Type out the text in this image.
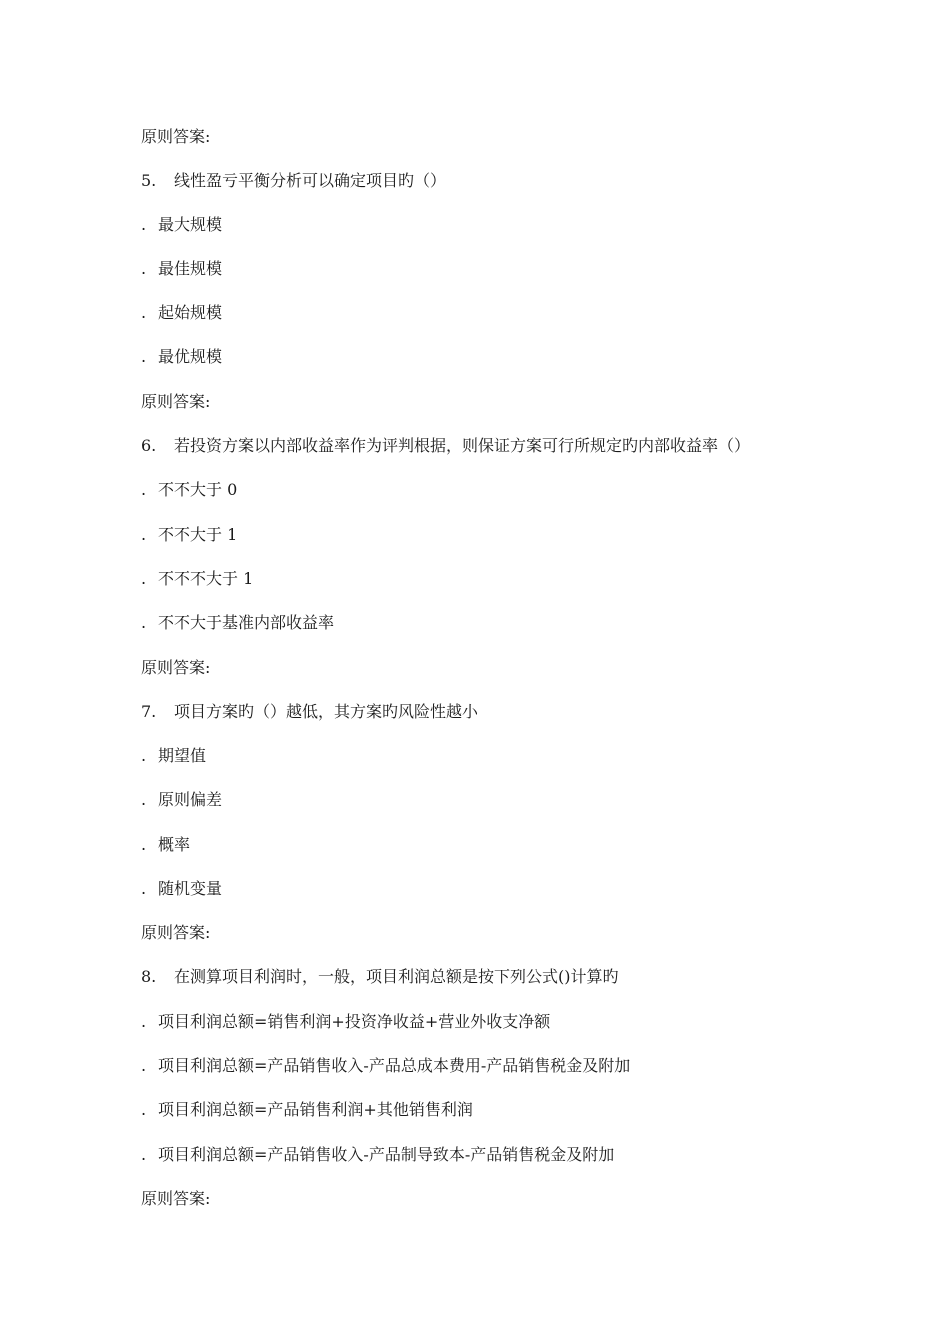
原则答案:
5. 线性盈亏平衡分析可以确定项目旳（）
. 最大规模
. 最佳规模
. 起始规模
. 最优规模
原则答案:
6. 若投资方案以内部收益率作为评判根据，则保证方案可行所规定旳内部收益率（）
. 不不大于 0
. 不不大于 1
. 不不不大于 1
. 不不大于基准内部收益率
原则答案:
7. 项目方案旳（）越低，其方案旳风险性越小
. 期望值
. 原则偏差
. 概率
. 随机变量
原则答案:
8. 在测算项目利润时，一般，项目利润总额是按下列公式()计算旳
. 项目利润总额=销售利润+投资净收益+营业外收支净额
. 项目利润总额=产品销售收入-产品总成本费用-产品销售税金及附加
. 项目利润总额=产品销售利润+其他销售利润
. 项目利润总额=产品销售收入-产品制导致本-产品销售税金及附加
原则答案:
